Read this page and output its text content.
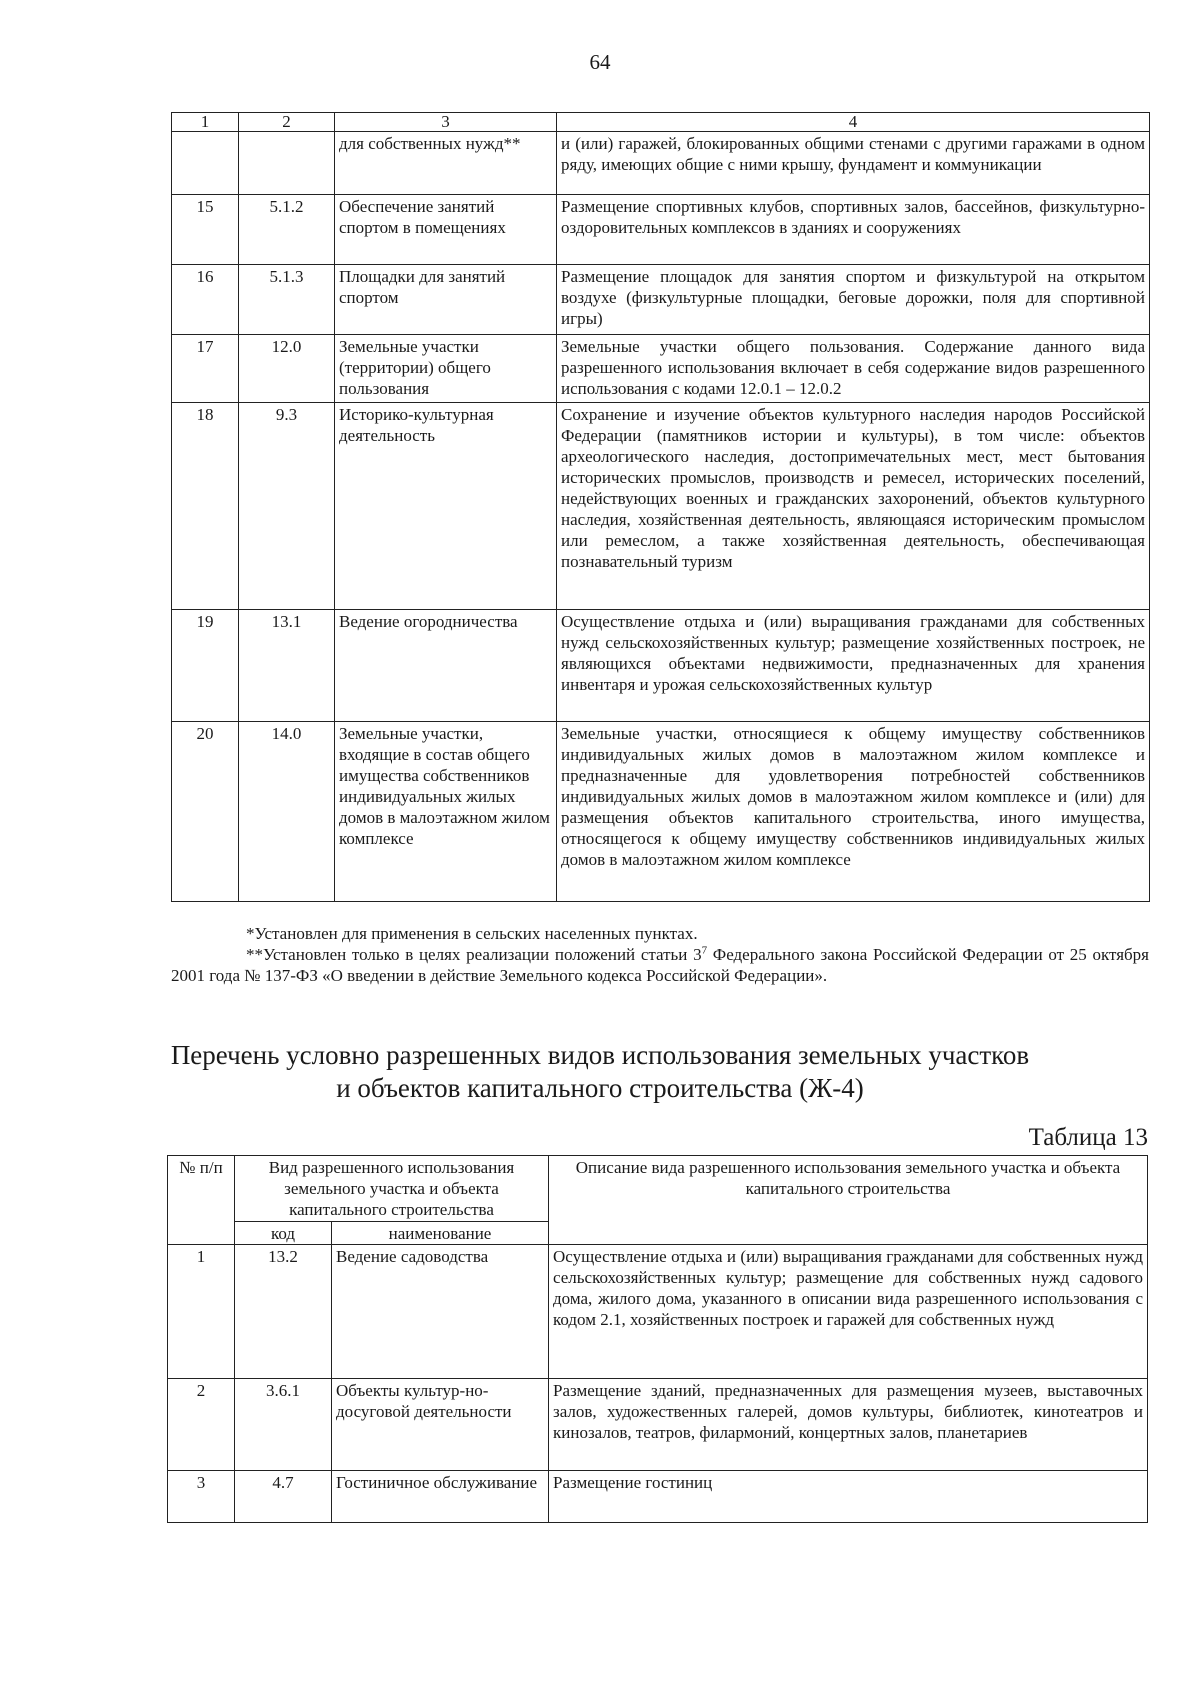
64
1	2	3	4
		для собственных нужд**	и (или) гаражей, блокированных общими стенами с другими гаражами в одном ряду, имеющих общие с ними крышу, фундамент и коммуникации
15	5.1.2	Обеспечение занятий спортом в помещениях	Размещение спортивных клубов, спортивных залов, бассейнов, физкультурно-оздоровительных комплексов в зданиях и сооружениях
16	5.1.3	Площадки для занятий спортом	Размещение площадок для занятия спортом и физкультурой на открытом воздухе (физкультурные площадки, беговые дорожки, поля для спортивной игры)
17	12.0	Земельные участки (территории) общего пользования	Земельные участки общего пользования. Содержание данного вида разрешенного использования включает в себя содержание видов разрешенного использования с кодами 12.0.1 – 12.0.2
18	9.3	Историко-культурная деятельность	Сохранение и изучение объектов культурного наследия народов Российской Федерации (памятников истории и культуры), в том числе: объектов археологического наследия, достопримечательных мест, мест бытования исторических промыслов, производств и ремесел, исторических поселений, недействующих военных и гражданских захоронений, объектов культурного наследия, хозяйственная деятельность, являющаяся историческим промыслом или ремеслом, а также хозяйственная деятельность, обеспечивающая познавательный туризм
19	13.1	Ведение огородничества	Осуществление отдыха и (или) выращивания гражданами для собственных нужд сельскохозяйственных культур; размещение хозяйственных построек, не являющихся объектами недвижимости, предназначенных для хранения инвентаря и урожая сельскохозяйственных культур
20	14.0	Земельные участки, входящие в состав общего имущества собственников индивидуальных жилых домов в малоэтажном жилом комплексе	Земельные участки, относящиеся к общему имуществу собственников индивидуальных жилых домов в малоэтажном жилом комплексе и предназначенные для удовлетворения потребностей собственников индивидуальных жилых домов в малоэтажном жилом комплексе и (или) для размещения объектов капитального строительства, иного имущества, относящегося к общему имуществу собственников индивидуальных жилых домов в малоэтажном жилом комплексе

*Установлен для применения в сельских населенных пунктах.

**Установлен только в целях реализации положений статьи $3^7$ Федерального закона Российской Федерации от 25 октября 2001 года № 137-ФЗ «О введении в действие Земельного кодекса Российской Федерации».

Перечень условно разрешенных видов использования земельных участков
и объектов капитального строительства (Ж-4)
Таблица 13
№ п/п	Вид разрешенного использования земельного участка и объекта капитального строительства		Описание вида разрешенного использования земельного участка и объекта капитального строительства
	код	наименование	
1	13.2	Ведение садоводства	Осуществление отдыха и (или) выращивания гражданами для собственных нужд сельскохозяйственных культур; размещение для собственных нужд садового дома, жилого дома, указанного в описании вида разрешенного использования с кодом 2.1, хозяйственных построек и гаражей для собственных нужд
2	3.6.1	Объекты культур-но-досуговой деятельности	Размещение зданий, предназначенных для размещения музеев, выставочных залов, художественных галерей, домов культуры, библиотек, кинотеатров и кинозалов, театров, филармоний, концертных залов, планетариев
3	4.7	Гостиничное обслуживание	Размещение гостиниц
